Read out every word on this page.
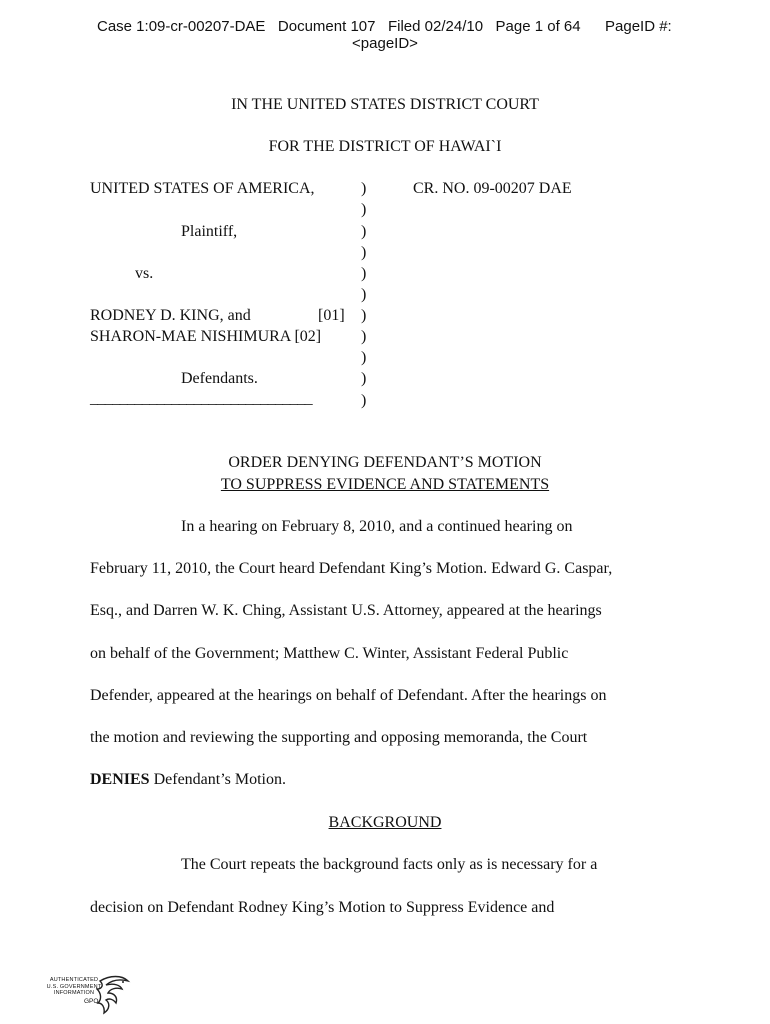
Case 1:09-cr-00207-DAE   Document 107   Filed 02/24/10   Page 1 of 64 PageID #:
<pageID>
IN THE UNITED STATES DISTRICT COURT
FOR THE DISTRICT OF HAWAI`I
UNITED STATES OF AMERICA,
Plaintiff,
vs.
RODNEY D. KING, and	[01]
SHARON-MAE NISHIMURA [02]
Defendants.
______________________________
)
)
)
)
)
)
)
)
)
)
)
CR. NO. 09-00207 DAE
ORDER DENYING DEFENDANT’S MOTION
TO SUPPRESS EVIDENCE AND STATEMENTS
In a hearing on February 8, 2010, and a continued hearing on
February 11, 2010, the Court heard Defendant King’s Motion. Edward G. Caspar,
Esq., and Darren W. K. Ching, Assistant U.S. Attorney, appeared at the hearings
on behalf of the Government; Matthew C. Winter, Assistant Federal Public
Defender, appeared at the hearings on behalf of Defendant. After the hearings on
the motion and reviewing the supporting and opposing memoranda, the Court
DENIES Defendant’s Motion.
BACKGROUND
The Court repeats the background facts only as is necessary for a
decision on Defendant Rodney King’s Motion to Suppress Evidence and
AUTHENTICATED
U.S. GOVERNMENT
INFORMATION
GPO
